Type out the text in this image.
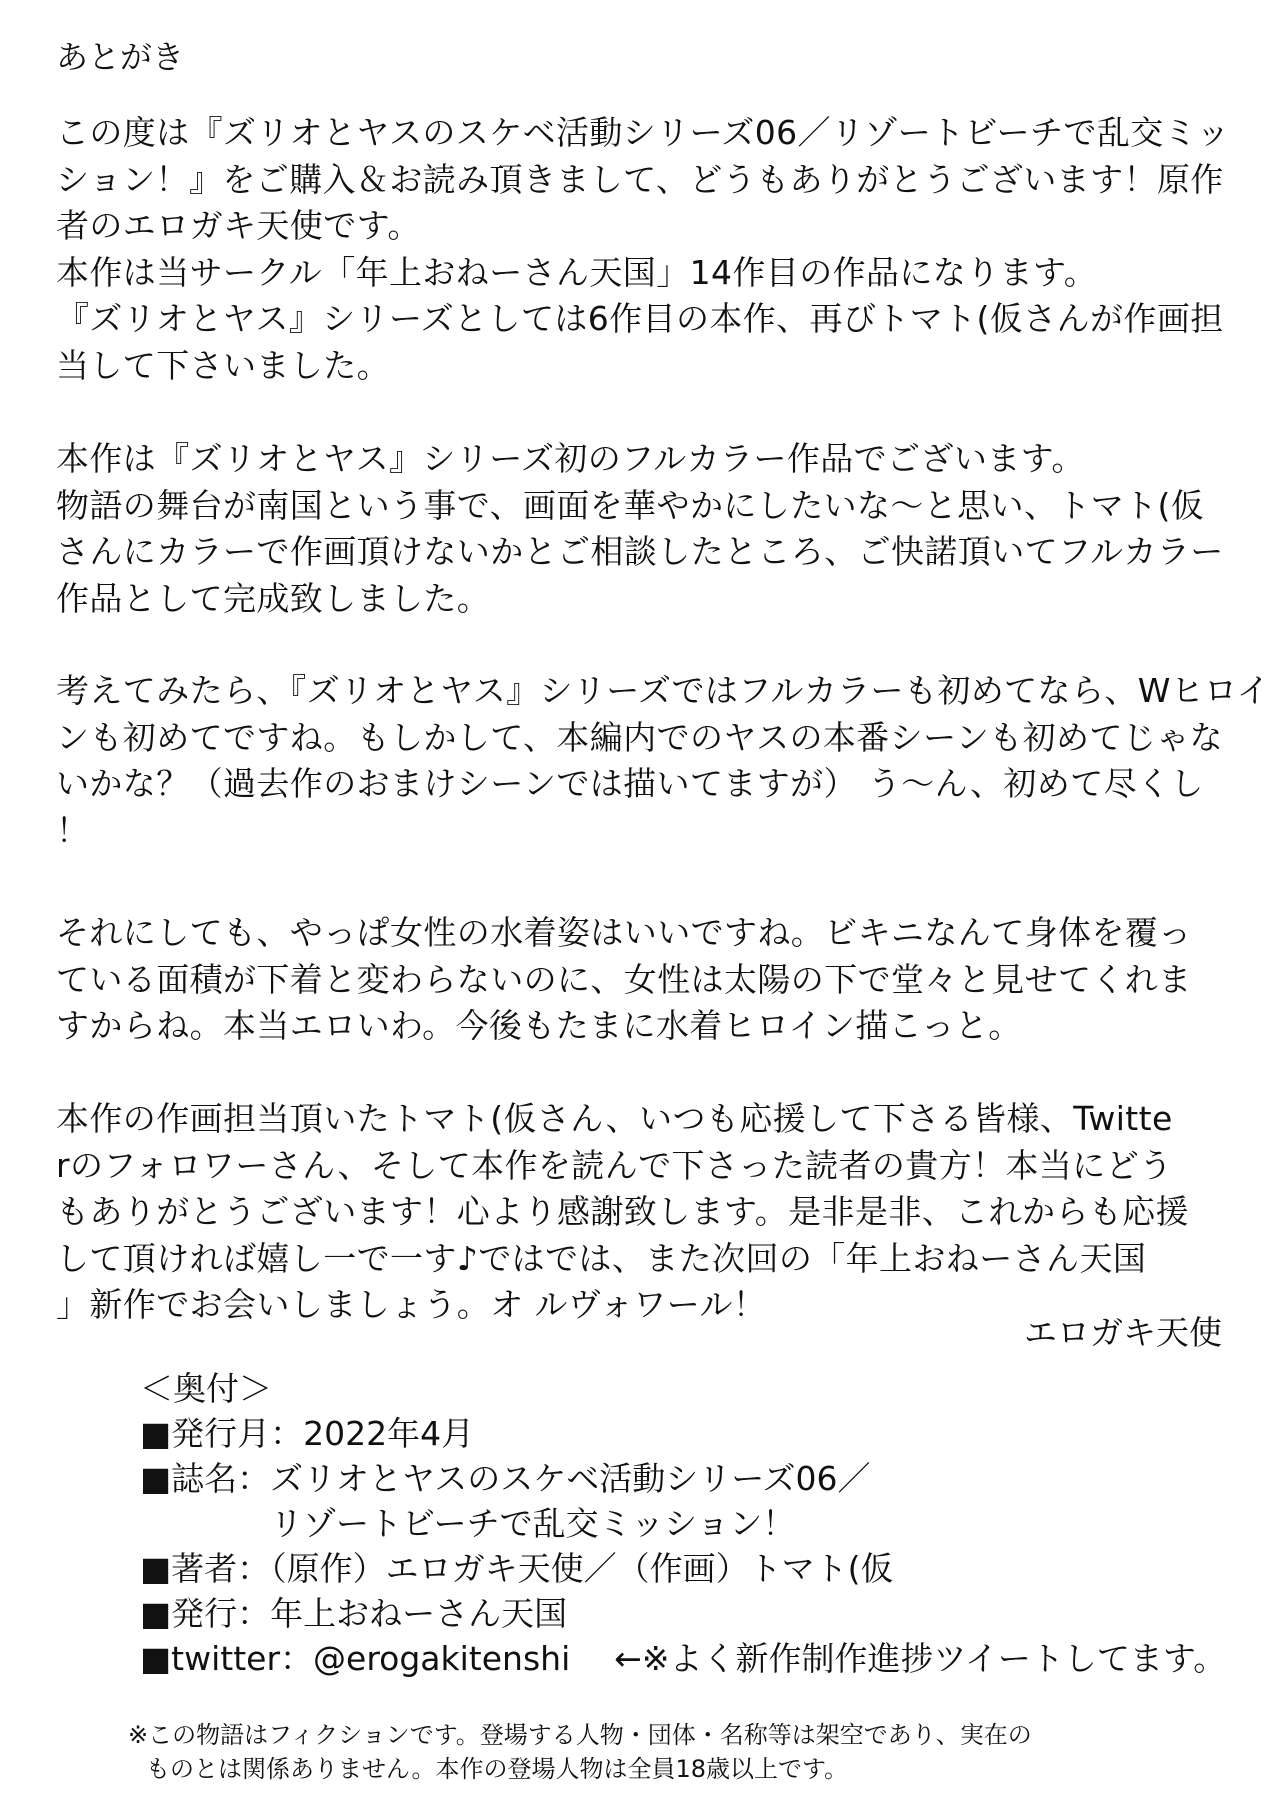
あとがき
この度は『ズリオとヤスのスケベ活動シリーズ06／リゾートビーチで乱交ミッ
ション！』をご購入＆お読み頂きまして、どうもありがとうございます！原作
者のエロガキ天使です。
本作は当サークル「年上おねーさん天国」14作目の作品になります。
『ズリオとヤス』シリーズとしては6作目の本作、再びトマト(仮さんが作画担
当して下さいました。
本作は『ズリオとヤス』シリーズ初のフルカラー作品でございます。
物語の舞台が南国という事で、画面を華やかにしたいな～と思い、トマト(仮
さんにカラーで作画頂けないかとご相談したところ、ご快諾頂いてフルカラー
作品として完成致しました。
考えてみたら、『ズリオとヤス』シリーズではフルカラーも初めてなら、Wヒロイ
ンも初めてですね。もしかして、本編内でのヤスの本番シーンも初めてじゃな
いかな？（過去作のおまけシーンでは描いてますが） う～ん、初めて尽くし
！
それにしても、やっぱ女性の水着姿はいいですね。ビキニなんて身体を覆っ
ている面積が下着と変わらないのに、女性は太陽の下で堂々と見せてくれま
すからね。本当エロいわ。今後もたまに水着ヒロイン描こっと。
本作の作画担当頂いたトマト(仮さん、いつも応援して下さる皆様、Twitte
rのフォロワーさん、そして本作を読んで下さった読者の貴方！本当にどう
もありがとうございます！心より感謝致します。是非是非、これからも応援
して頂ければ嬉し一で一す♪ではでは、また次回の「年上おねーさん天国
」新作でお会いしましょう。オ ルヴォワール！
エロガキ天使
＜奥付＞
■発行月：2022年4月
■誌名：ズリオとヤスのスケベ活動シリーズ06／
リゾートビーチで乱交ミッション！
■著者：（原作）エロガキ天使／（作画）トマト(仮
■発行：年上おねーさん天国
■twitter：@erogakitenshi ←※よく新作制作進捗ツイートしてます。
※この物語はフィクションです。登場する人物・団体・名称等は架空であり、実在の
ものとは関係ありません。本作の登場人物は全員18歳以上です。
